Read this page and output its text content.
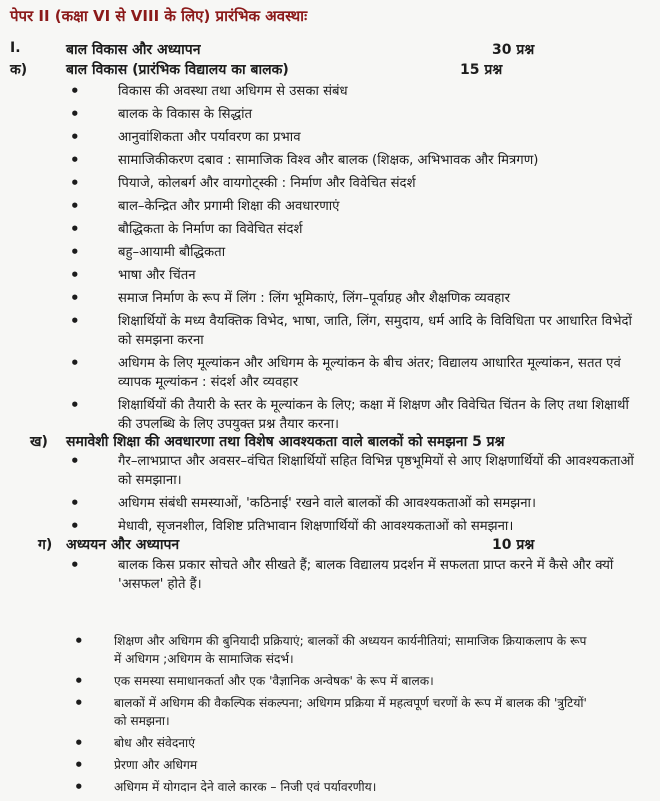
पेपर II (कक्षा VI से VIII के लिए) प्रारंभिक अवस्थाः
I.	बाल विकास और अध्यापन	30 प्रश्न
क)	बाल विकास (प्रारंभिक विद्यालय का बालक)	15 प्रश्न
• विकास की अवस्था तथा अधिगम से उसका संबंध
• बालक के विकास के सिद्धांत
• आनुवांशिकता और पर्यावरण का प्रभाव
• सामाजिकीकरण दबाव : सामाजिक विश्व और बालक (शिक्षक, अभिभावक और मित्रगण)
• पियाजे, कोलबर्ग और वायगोट्स्की : निर्माण और विवेचित संदर्श
• बाल–केन्द्रित और प्रगामी शिक्षा की अवधारणाएं
• बौद्धिकता के निर्माण का विवेचित संदर्श
• बहु–आयामी बौद्धिकता
• भाषा और चिंतन
• समाज निर्माण के रूप में लिंग : लिंग भूमिकाएं, लिंग–पूर्वाग्रह और शैक्षणिक व्यवहार
• शिक्षार्थियों के मध्य वैयक्तिक विभेद, भाषा, जाति, लिंग, समुदाय, धर्म आदि के विविधिता पर आधारित विभेदों को समझना करना
• अधिगम के लिए मूल्यांकन और अधिगम के मूल्यांकन के बीच अंतर; विद्यालय आधारित मूल्यांकन, सतत एवं व्यापक मूल्यांकन : संदर्श और व्यवहार
• शिक्षार्थियों की तैयारी के स्तर के मूल्यांकन के लिए; कक्षा में शिक्षण और विवेचित चिंतन के लिए तथा शिक्षार्थी की उपलब्धि के लिए उपयुक्त प्रश्न तैयार करना।
ख) समावेशी शिक्षा की अवधारणा तथा विशेष आवश्यकता वाले बालकों को समझना 5 प्रश्न
• गैर–लाभप्राप्त और अवसर–वंचित शिक्षार्थियों सहित विभिन्न पृष्ठभूमियों से आए शिक्षणार्थियों की आवश्यकताओं को समझाना।
• अधिगम संबंधी समस्याओं, 'कठिनाई' रखने वाले बालकों की आवश्यकताओं को समझना।
• मेधावी, सृजनशील, विशिष्ट प्रतिभावान शिक्षणार्थियों की आवश्यकताओं को समझना।
ग) अध्ययन और अध्यापन	10 प्रश्न
• बालक किस प्रकार सोचते और सीखते हैं; बालक विद्यालय प्रदर्शन में सफलता प्राप्त करने में कैसे और क्यों 'असफल' होते हैं।
• शिक्षण और अधिगम की बुनियादी प्रक्रियाएं; बालकों की अध्ययन कार्यनीतियां; सामाजिक क्रियाकलाप के रूप में अधिगम ;अधिगम के सामाजिक संदर्भ।
• एक समस्या समाधानकर्ता और एक 'वैज्ञानिक अन्वेषक' के रूप में बालक।
• बालकों में अधिगम की वैकल्पिक संकल्पना; अधिगम प्रक्रिया में महत्वपूर्ण चरणों के रूप में बालक की 'त्रुटियों' को समझना।
• बोध और संवेदनाएं
• प्रेरणा और अधिगम
• अधिगम में योगदान देने वाले कारक – निजी एवं पर्यावरणीय।
